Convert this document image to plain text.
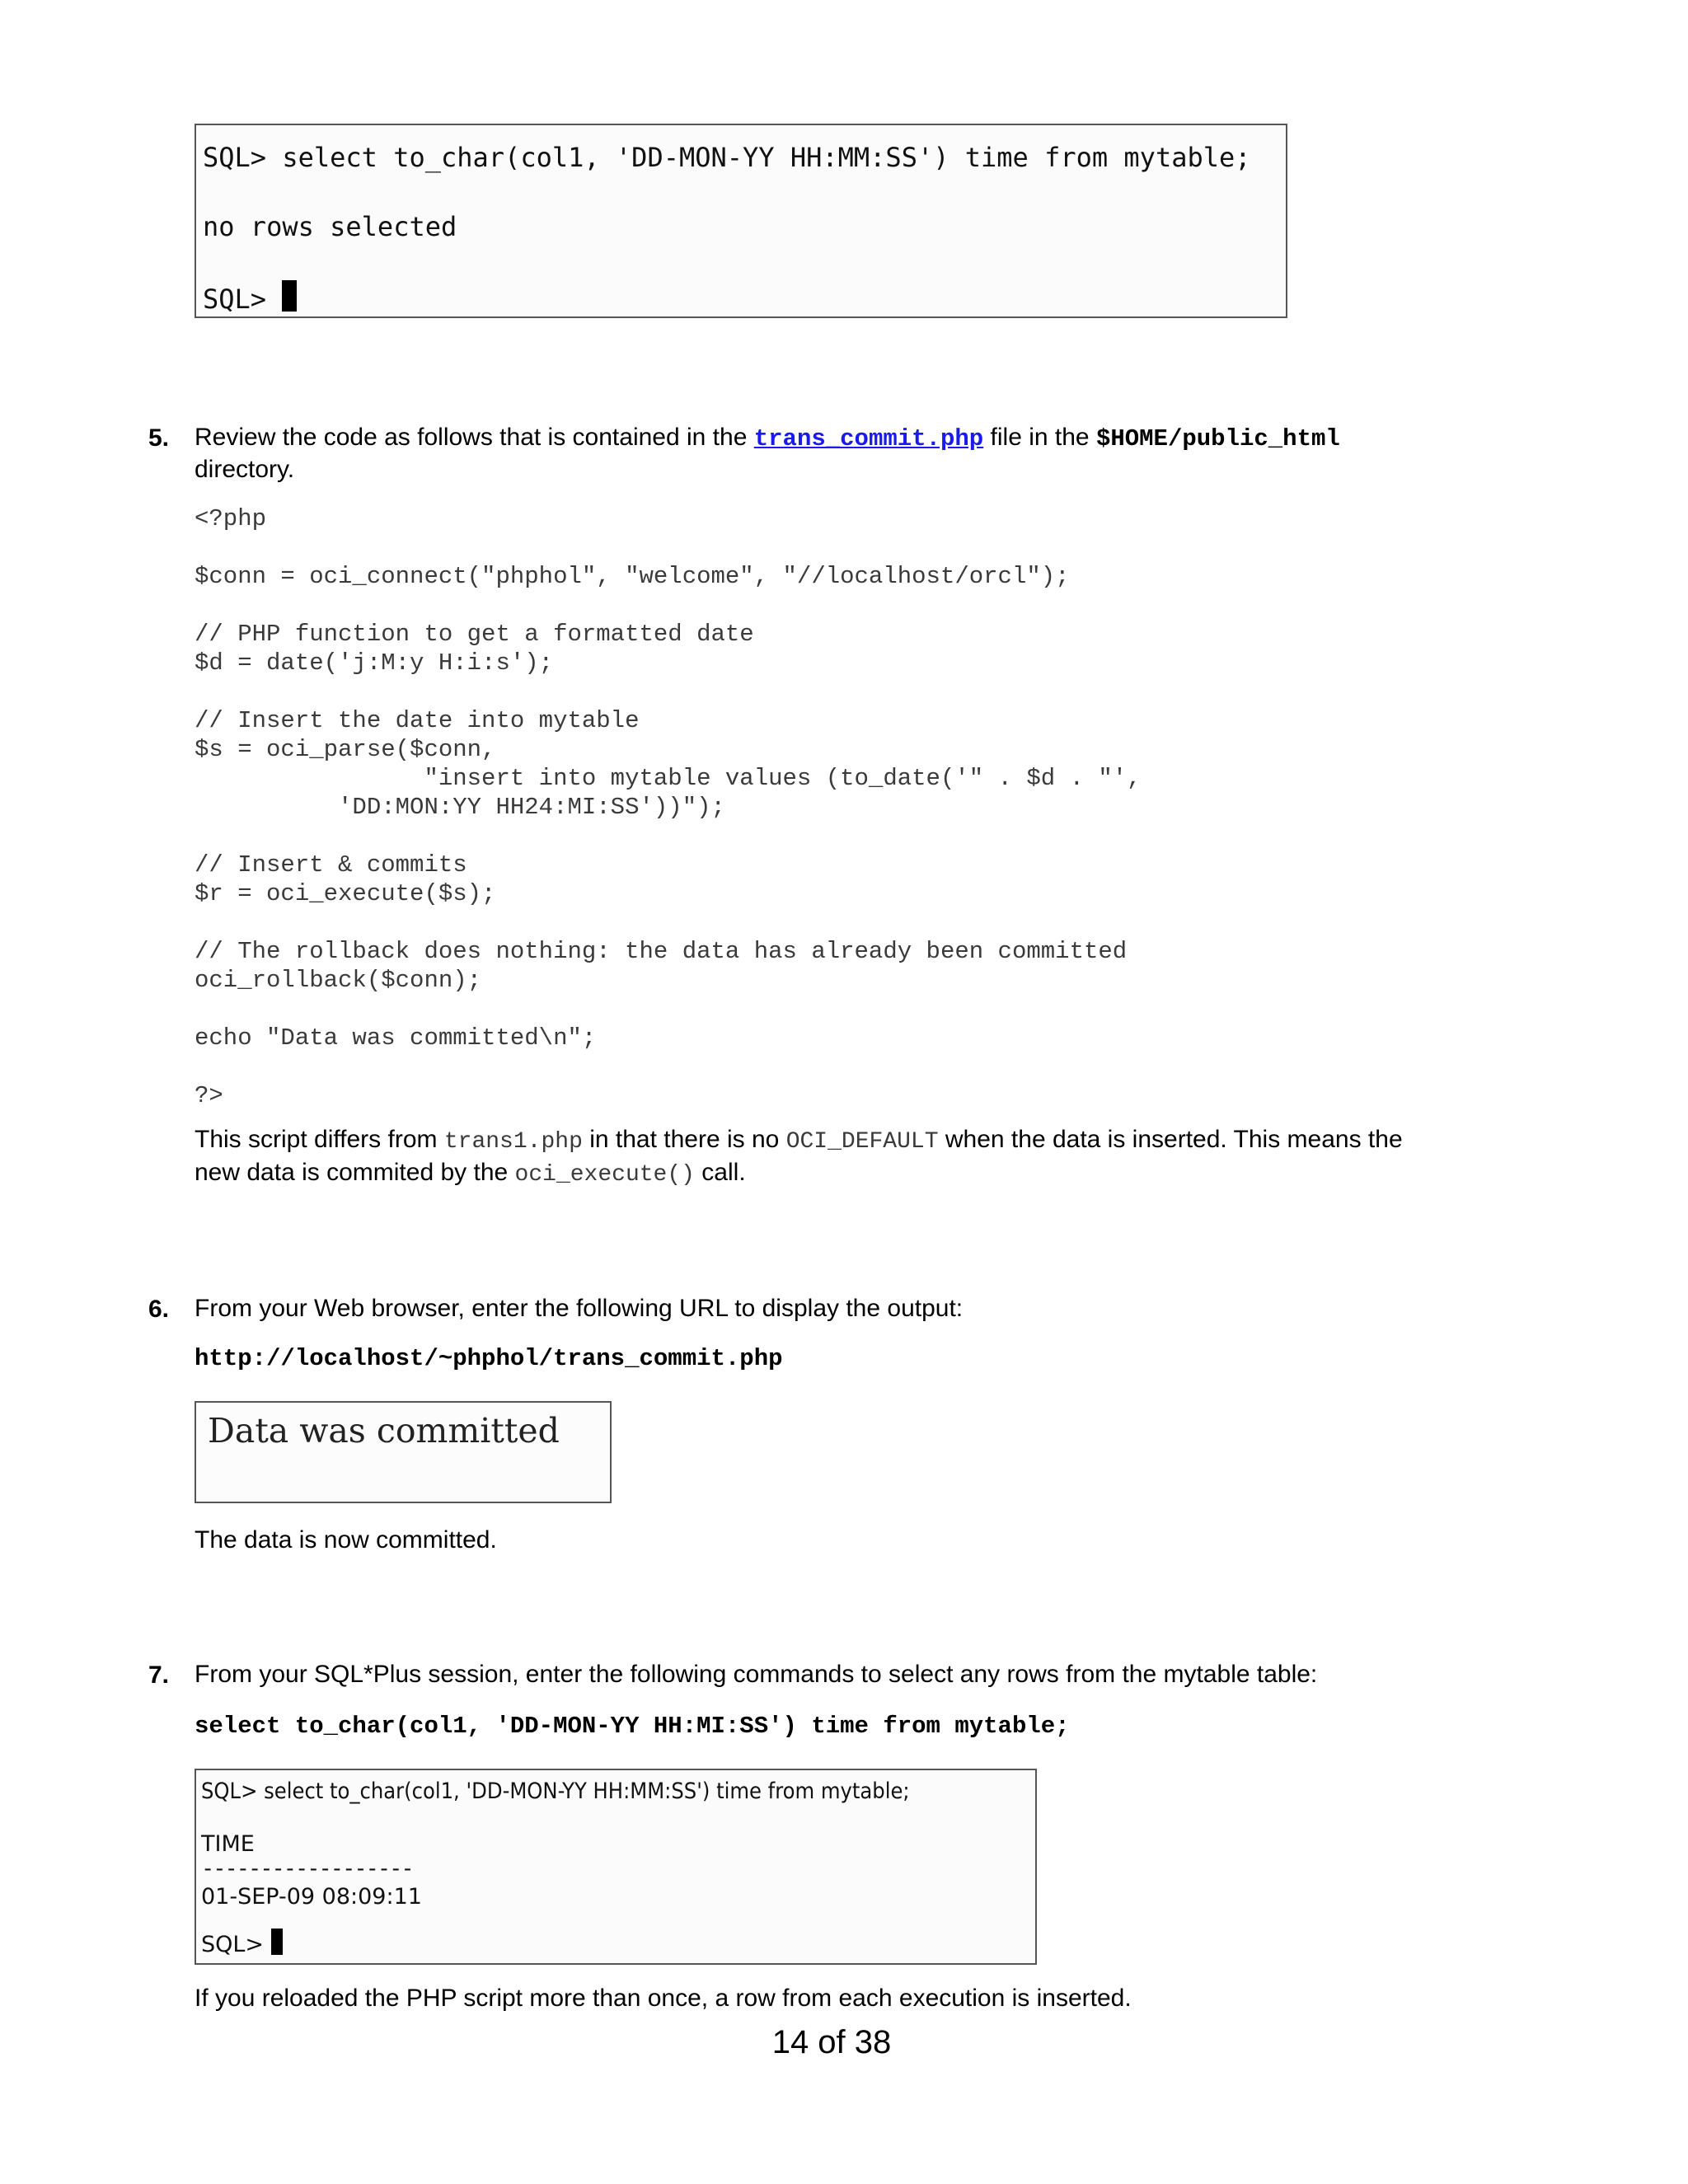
SQL> select to_char(col1, 'DD-MON-YY HH:MM:SS') time from mytable;
no rows selected
SQL>
5. Review the code as follows that is contained in the trans_commit.php file in the $HOME/public_html
directory.
<?php

$conn = oci_connect("phphol", "welcome", "//localhost/orcl");

// PHP function to get a formatted date
$d = date('j:M:y H:i:s');

// Insert the date into mytable
$s = oci_parse($conn,
"insert into mytable values (to_date('" . $d . "',
'DD:MON:YY HH24:MI:SS'))");

// Insert & commits
$r = oci_execute($s);

// The rollback does nothing: the data has already been committed
oci_rollback($conn);

echo "Data was committed\n";

?>
This script differs from trans1.php in that there is no OCI_DEFAULT when the data is inserted. This means the
new data is commited by the oci_execute() call.
6. From your Web browser, enter the following URL to display the output:
http://localhost/~phphol/trans_commit.php
Data was committed
The data is now committed.
7. From your SQL*Plus session, enter the following commands to select any rows from the mytable table:
select to_char(col1, 'DD-MON-YY HH:MI:SS') time from mytable;
SQL> select to_char(col1, 'DD-MON-YY HH:MM:SS') time from mytable;
TIME
------------------
01-SEP-09 08:09:11
SQL>
If you reloaded the PHP script more than once, a row from each execution is inserted.
14 of 38
